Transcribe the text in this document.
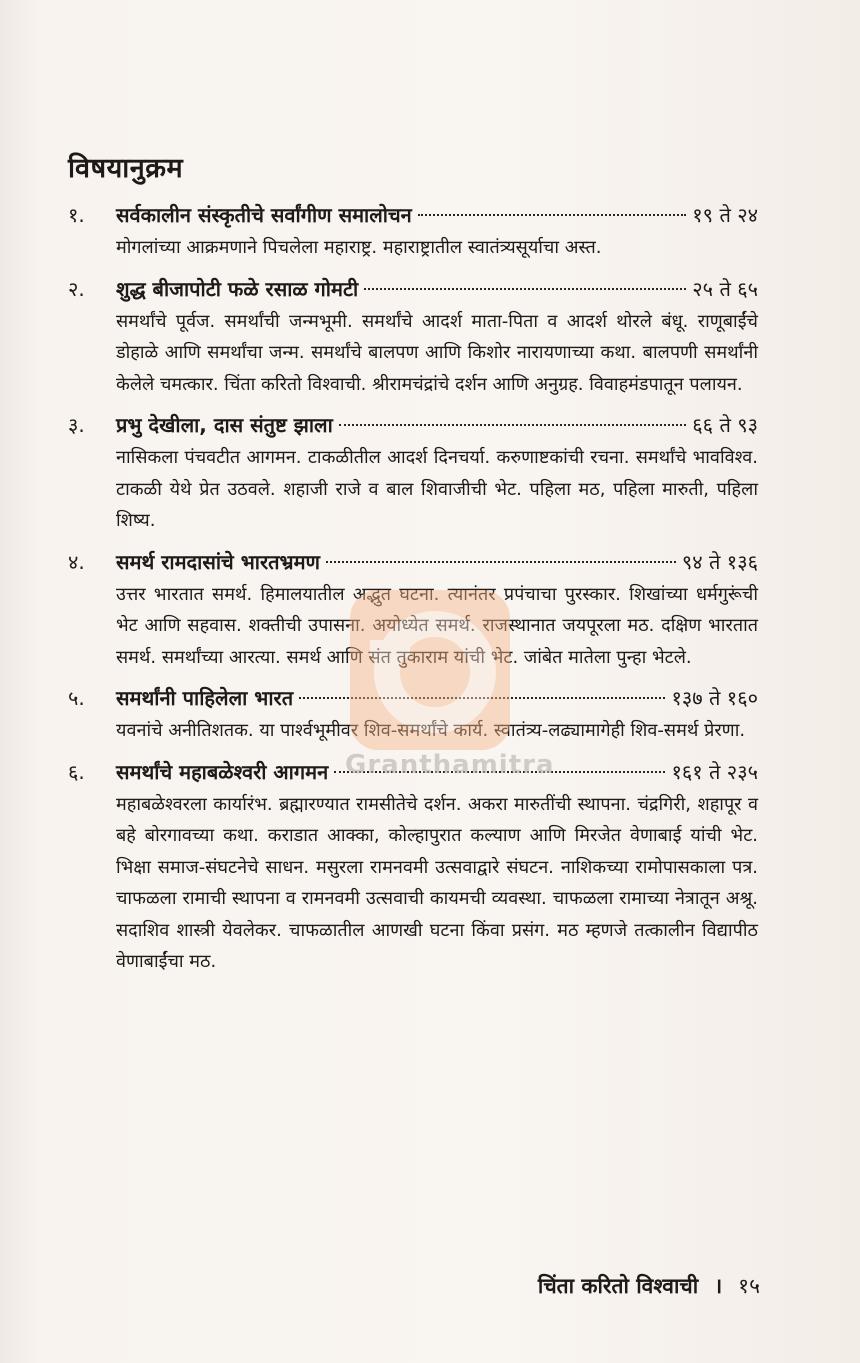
विषयानुक्रम
१.	सर्वकालीन संस्कृतीचे सर्वांगीण समालोचन	१९ ते २४
मोगलांच्या आक्रमणाने पिचलेला महाराष्ट्र. महाराष्ट्रातील स्वातंत्र्यसूर्याचा अस्त.
२.	शुद्ध बीजापोटी फळे रसाळ गोमटी	२५ ते ६५
समर्थांचे पूर्वज. समर्थांची जन्मभूमी. समर्थांचे आदर्श माता-पिता व आदर्श थोरले बंधू. राणूबाईंचे डोहाळे आणि समर्थांचा जन्म. समर्थांचे बालपण आणि किशोर नारायणाच्या कथा. बालपणी समर्थांनी केलेले चमत्कार. चिंता करितो विश्वाची. श्रीरामचंद्रांचे दर्शन आणि अनुग्रह. विवाहमंडपातून पलायन.
३.	प्रभु देखीला, दास संतुष्ट झाला	६६ ते ९३
नासिकला पंचवटीत आगमन. टाकळीतील आदर्श दिनचर्या. करुणाष्टकांची रचना. समर्थांचे भावविश्व. टाकळी येथे प्रेत उठवले. शहाजी राजे व बाल शिवाजीची भेट. पहिला मठ, पहिला मारुती, पहिला शिष्य.
४.	समर्थ रामदासांचे भारतभ्रमण	९४ ते १३६
उत्तर भारतात समर्थ. हिमालयातील अद्भुत घटना. त्यानंतर प्रपंचाचा पुरस्कार. शिखांच्या धर्मगुरूंची भेट आणि सहवास. शक्तीची उपासना. अयोध्येत समर्थ. राजस्थानात जयपूरला मठ. दक्षिण भारतात समर्थ. समर्थांच्या आरत्या. समर्थ आणि संत तुकाराम यांची भेट. जांबेत मातेला पुन्हा भेटले.
५.	समर्थांनी पाहिलेला भारत	१३७ ते १६०
यवनांचे अनीतिशतक. या पार्श्वभूमीवर शिव-समर्थांचे कार्य. स्वातंत्र्य-लढ्यामागेही शिव-समर्थ प्रेरणा.
६.	समर्थांचे महाबळेश्वरी आगमन	१६१ ते २३५
महाबळेश्वरला कार्यारंभ. ब्रह्मारण्यात रामसीतेचे दर्शन. अकरा मारुतींची स्थापना. चंद्रगिरी, शहापूर व बहे बोरगावच्या कथा. कराडात आक्का, कोल्हापुरात कल्याण आणि मिरजेत वेणाबाई यांची भेट. भिक्षा समाज-संघटनेचे साधन. मसुरला रामनवमी उत्सवाद्वारे संघटन. नाशिकच्या रामोपासकाला पत्र. चाफळला रामाची स्थापना व रामनवमी उत्सवाची कायमची व्यवस्था. चाफळला रामाच्या नेत्रातून अश्रू. सदाशिव शास्त्री येवलेकर. चाफळातील आणखी घटना किंवा प्रसंग. मठ म्हणजे तत्कालीन विद्यापीठ वेणाबाईंचा मठ.
Granthamitra
चिंता करितो विश्वाची । १५
